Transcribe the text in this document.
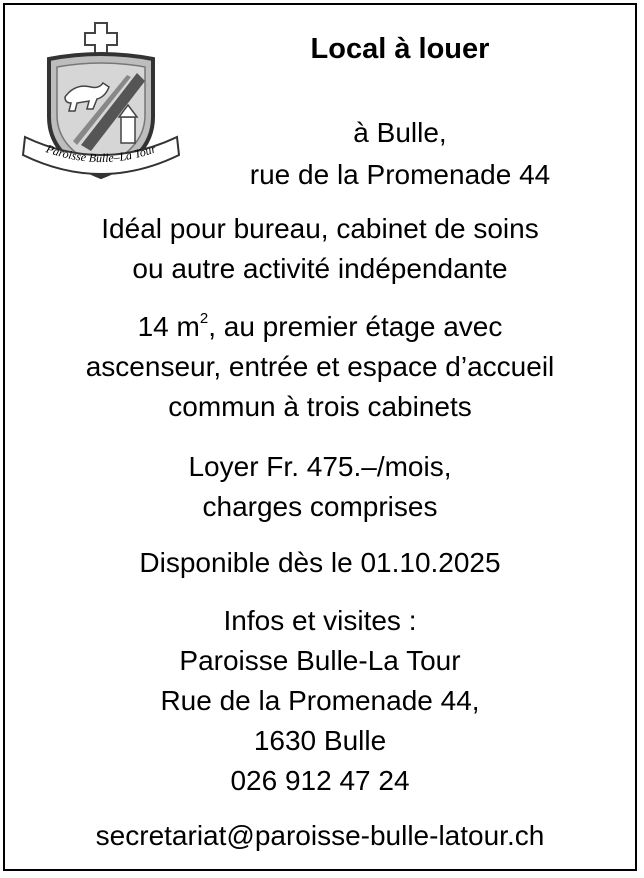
Paroisse Bulle–La Tour
Local à louer
à Bulle,
rue de la Promenade 44
Idéal pour bureau, cabinet de soins
ou autre activité indépendante
14 $m^2$, au premier étage avec
ascenseur, entrée et espace d’accueil
commun à trois cabinets
Loyer Fr. 475.–/mois,
charges comprises
Disponible dès le 01.10.2025
Infos et visites :
Paroisse Bulle-La Tour
Rue de la Promenade 44,
1630 Bulle
026 912 47 24
secretariat@paroisse-bulle-latour.ch
